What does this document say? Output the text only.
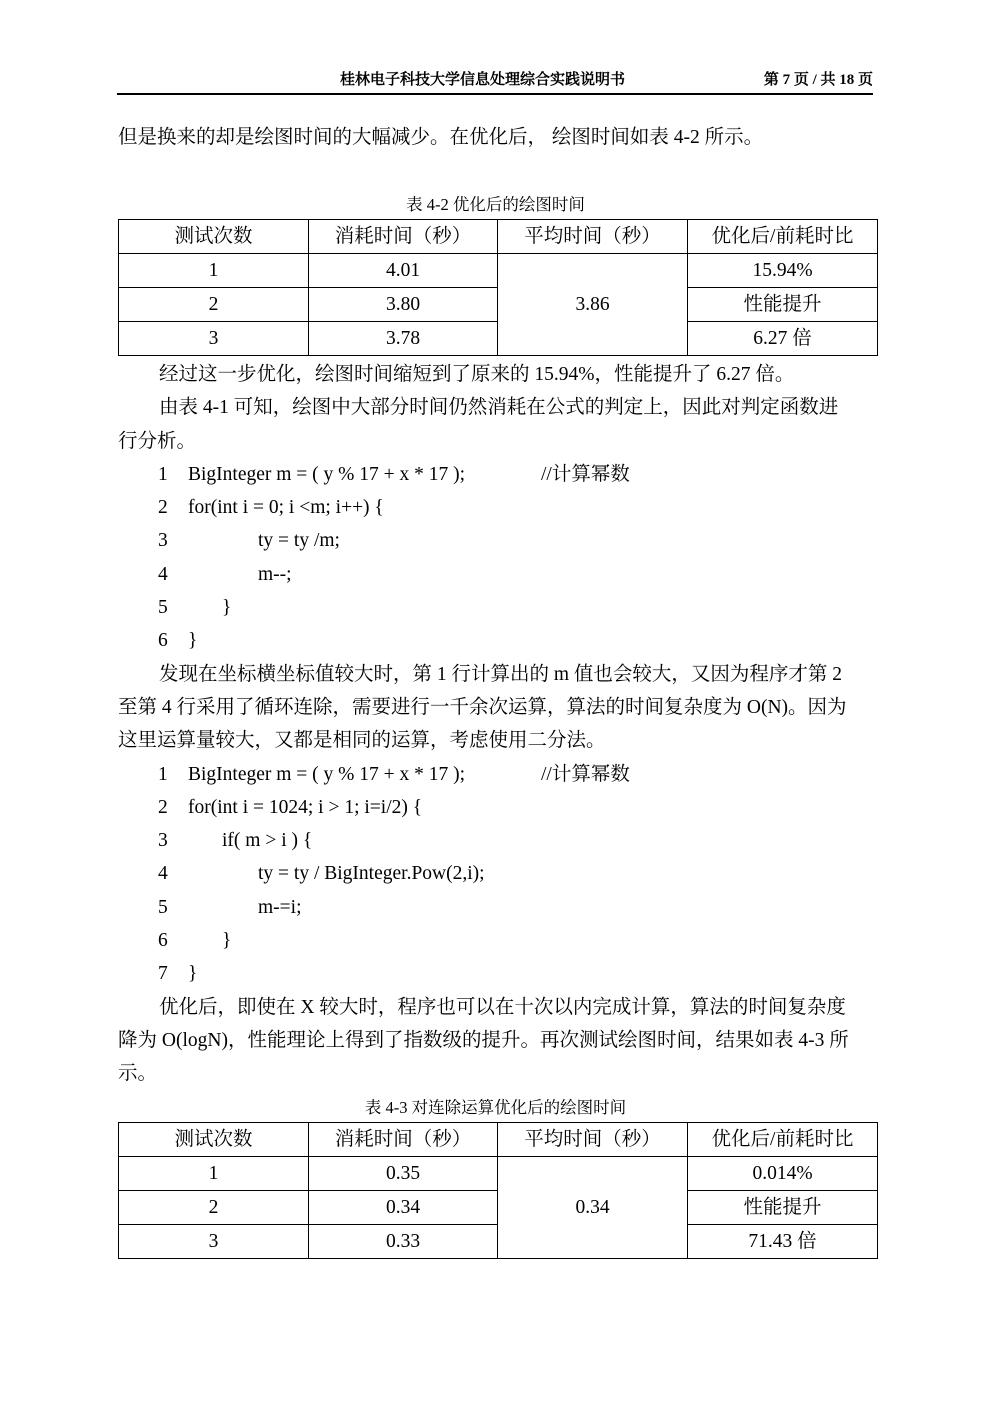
桂林电子科技大学信息处理综合实践说明书	第 7 页 / 共 18 页
但是换来的却是绘图时间的大幅减少。在优化后， 绘图时间如表 4-2 所示。
表 4-2 优化后的绘图时间
测试次数	消耗时间（秒）	平均时间（秒）	优化后/前耗时比
1	4.01	3.86	15.94%
2	3.80		性能提升
3	3.78		6.27 倍
经过这一步优化，绘图时间缩短到了原来的 15.94%，性能提升了 6.27 倍。
由表 4-1 可知，绘图中大部分时间仍然消耗在公式的判定上，因此对判定函数进
行分析。

1

BigInteger m = ( y % 17 + x * 17 );

	//计算幂数

2

for(int i = 0; i <m; i++) {

3

	ty = ty /m;

4

	m--;

5

	}

6

}

发现在坐标横坐标值较大时，第 1 行计算出的 m 值也会较大，又因为程序才第 2
至第 4 行采用了循环连除，需要进行一千余次运算，算法的时间复杂度为 O(N)。因为
这里运算量较大，又都是相同的运算，考虑使用二分法。

1

BigInteger m = ( y % 17 + x * 17 );

	//计算幂数

2

for(int i = 1024; i > 1; i=i/2) {

3

	if( m > i ) {

4

	ty = ty / BigInteger.Pow(2,i);

5

	m-=i;

6

	}

7

}

优化后，即使在 X 较大时，程序也可以在十次以内完成计算，算法的时间复杂度
降为 O(logN)，性能理论上得到了指数级的提升。再次测试绘图时间，结果如表 4-3 所
示。
表 4-3 对连除运算优化后的绘图时间
测试次数	消耗时间（秒）	平均时间（秒）	优化后/前耗时比
1	0.35	0.34	0.014%
2	0.34		性能提升
3	0.33		71.43 倍
